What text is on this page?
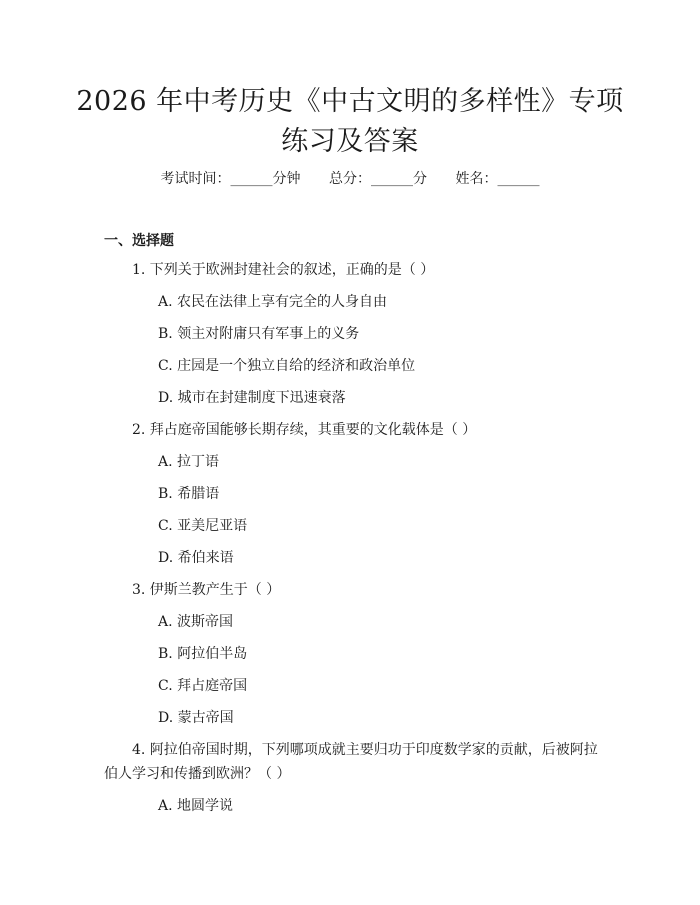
2026 年中考历史《中古文明的多样性》专项
练习及答案
考试时间：______分钟 总分：______分 姓名：______
一、选择题
1. 下列关于欧洲封建社会的叙述，正确的是（ ）
A. 农民在法律上享有完全的人身自由
B. 领主对附庸只有军事上的义务
C. 庄园是一个独立自给的经济和政治单位
D. 城市在封建制度下迅速衰落
2. 拜占庭帝国能够长期存续，其重要的文化载体是（ ）
A. 拉丁语
B. 希腊语
C. 亚美尼亚语
D. 希伯来语
3. 伊斯兰教产生于（ ）
A. 波斯帝国
B. 阿拉伯半岛
C. 拜占庭帝国
D. 蒙古帝国
4. 阿拉伯帝国时期，下列哪项成就主要归功于印度数学家的贡献，后被阿拉
伯人学习和传播到欧洲？（ ）
A. 地圆学说
